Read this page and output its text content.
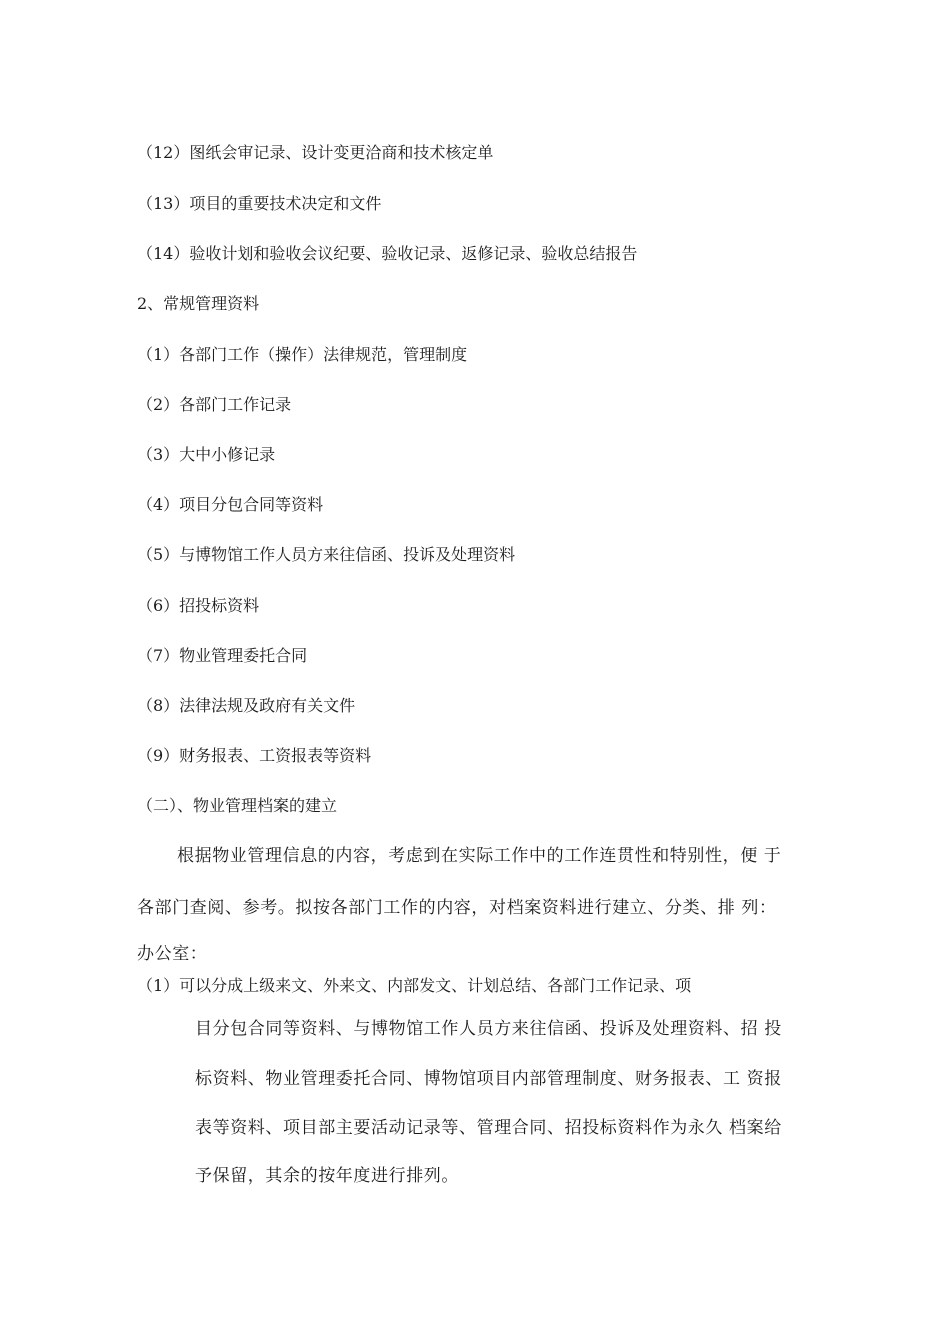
（12）图纸会审记录、设计变更洽商和技术核定单
（13）项目的重要技术决定和文件
（14）验收计划和验收会议纪要、验收记录、返修记录、验收总结报告
2、常规管理资料
（1）各部门工作（操作）法律规范，管理制度
（2）各部门工作记录
（3）大中小修记录
（4）项目分包合同等资料
（5）与博物馆工作人员方来往信函、投诉及处理资料
（6）招投标资料
（7）物业管理委托合同
（8）法律法规及政府有关文件
（9）财务报表、工资报表等资料
（二）、物业管理档案的建立
根据物业管理信息的内容，考虑到在实际工作中的工作连贯性和特别性，便 于
各部门查阅、参考。拟按各部门工作的内容，对档案资料进行建立、分类、排 列：
办公室：
（1）可以分成上级来文、外来文、内部发文、计划总结、各部门工作记录、项
目分包合同等资料、与博物馆工作人员方来往信函、投诉及处理资料、招 投
标资料、物业管理委托合同、博物馆项目内部管理制度、财务报表、工 资报
表等资料、项目部主要活动记录等、管理合同、招投标资料作为永久 档案给
予保留，其余的按年度进行排列。
